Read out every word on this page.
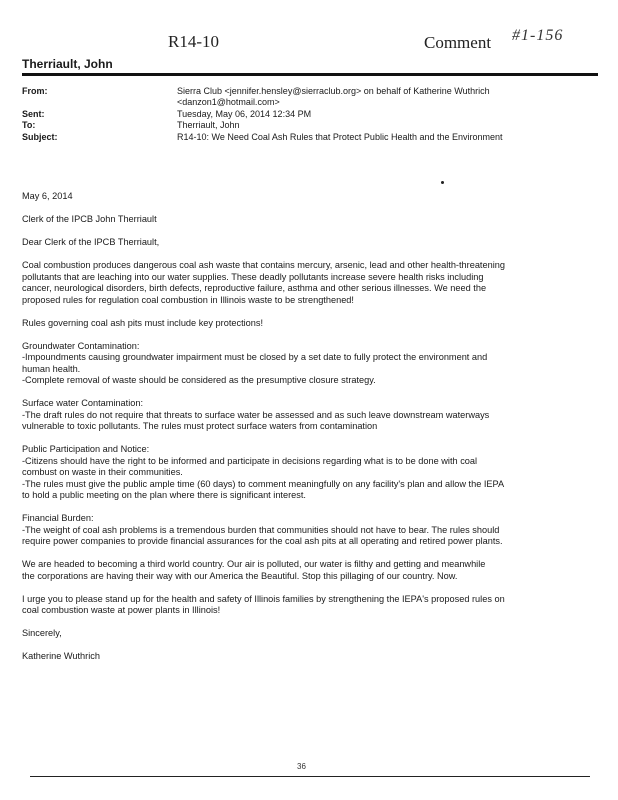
R14-10	Comment #1-156
Therriault, John
From:	Sierra Club <jennifer.hensley@sierraclub.org> on behalf of Katherine Wuthrich
<danzon1@hotmail.com>
Sent:	Tuesday, May 06, 2014 12:34 PM
To:	Therriault, John
Subject:	R14-10: We Need Coal Ash Rules that Protect Public Health and the Environment

May 6, 2014

Clerk of the IPCB John Therriault

Dear Clerk of the IPCB Therriault,

Coal combustion produces dangerous coal ash waste that contains mercury, arsenic, lead and other health-threatening
pollutants that are leaching into our water supplies. These deadly pollutants increase severe health risks including
cancer, neurological disorders, birth defects, reproductive failure, asthma and other serious illnesses. We need the
proposed rules for regulation coal combustion in Illinois waste to be strengthened!

Rules governing coal ash pits must include key protections!

Groundwater Contamination:
-Impoundments causing groundwater impairment must be closed by a set date to fully protect the environment and
human health.
-Complete removal of waste should be considered as the presumptive closure strategy.

Surface water Contamination:
-The draft rules do not require that threats to surface water be assessed and as such leave downstream waterways
vulnerable to toxic pollutants. The rules must protect surface waters from contamination

Public Participation and Notice:
-Citizens should have the right to be informed and participate in decisions regarding what is to be done with coal
combust on waste in their communities.
-The rules must give the public ample time (60 days) to comment meaningfully on any facility's plan and allow the IEPA
to hold a public meeting on the plan where there is significant interest.

Financial Burden:
-The weight of coal ash problems is a tremendous burden that communities should not have to bear. The rules should
require power companies to provide financial assurances for the coal ash pits at all operating and retired power plants.

We are headed to becoming a third world country. Our air is polluted, our water is filthy and getting and meanwhile
the corporations are having their way with our America the Beautiful. Stop this pillaging of our country. Now.

I urge you to please stand up for the health and safety of Illinois families by strengthening the IEPA's proposed rules on
coal combustion waste at power plants in Illinois!

Sincerely,

Katherine Wuthrich

36
